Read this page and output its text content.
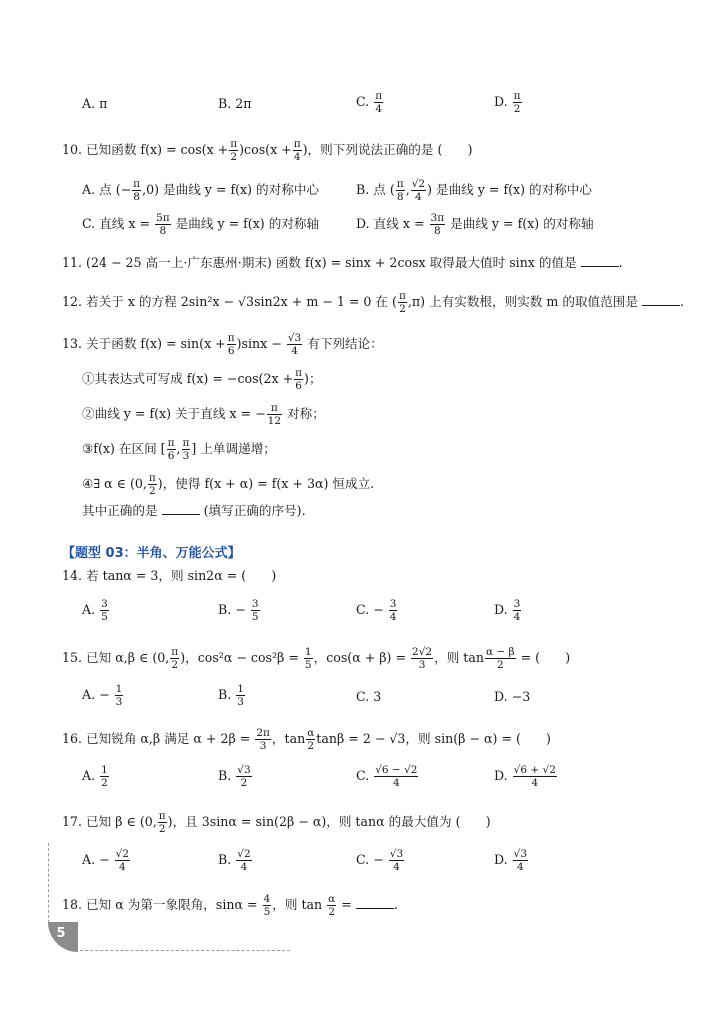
A. π	B. 2π	C. $\frac{\pi}{4}$	D. $\frac{\pi}{2}$
10. 已知函数 $f(x) = \cos(x + \frac{\pi}{2} )\cos(x + \frac{\pi}{4}$ )，则下列说法正确的是 (　　)
A. 点 (− $\frac{\pi}{8} ,0$) 是曲线 y = f(x) 的对称中心	B. 点 ( $\frac{\pi}{8}$ , $\frac{√2}{4}$ ) 是曲线 y = f(x) 的对称中心
C. 直线 $x = \frac{5\pi}{8}$ 是曲线 y = f(x) 的对称轴	D. 直线 $x = \frac{3\pi}{8}$ 是曲线 y = f(x) 的对称轴
11. (24 − 25 高一上·广东惠州·期末) 函数 f(x) = sinx + 2cosx 取得最大值时 sinx 的值是	.
12. 若关于 x 的方程 2sin²x − √3sin2x + m − 1 = 0 在 ( $\frac{\pi}{2} ,\pi$) 上有实数根，则实数 m 的取值范围是	.
13. 关于函数 $f(x) = \sin(x + \frac{\pi}{6} )\sin x - \frac{√3}{4}$ 有下列结论：
①其表达式可写成 $f(x) = -\cos(2x + \frac{\pi}{6}$ )；
②曲线 y = f(x) 关于直线 x = − $\frac{\pi}{12}$ 对称；
③f(x) 在区间 [ $\frac{\pi}{6}$ , $\frac{\pi}{3}$ ] 上单调递增；
④∃ α ∈ (0, $\frac{\pi}{2}$ )，使得 f(x + α) = f(x + 3α) 恒成立.
其中正确的是	(填写正确的序号).
【题型 03：半角、万能公式】
14. 若 tanα = 3，则 sin2α = (　　)
A. $\frac{3}{5}$	B. − $\frac{3}{5}$	C. − $\frac{3}{4}$	D. $\frac{3}{4}$
15. 已知 α,β ∈ (0, $\frac{\pi}{2}$ )，$\cos^2\alpha - \cos^2\beta = \frac{1}{5}$ ，$\cos(\alpha + \beta) = \frac{2√2}{3}$ ，则 $\tan \frac{\alpha - \beta}{2}$ = (　　)
A. − $\frac{1}{3}$	B. $\frac{1}{3}$	C. 3	D. −3
16. 已知锐角 α,β 满足 $\alpha + 2\beta = \frac{2\pi}{3}$ ，$\tan \frac{\alpha}{2}$ tanβ = 2 − √3，则 sin(β − α) = (　　)
A. $\frac{1}{2}$	B. $\frac{√3}{2}$	C. $\frac{√6 - √2}{4}$	D. $\frac{√6 + √2}{4}$
17. 已知 β ∈ (0, $\frac{\pi}{2}$ )，且 3sinα = sin(2β − α)，则 tanα 的最大值为 (　　)
A. − $\frac{√2}{4}$	B. $\frac{√2}{4}$	C. − $\frac{√3}{4}$	D. $\frac{√3}{4}$
18. 已知 α 为第一象限角，$\sin\alpha = \frac{4}{5}$ ，则 $\tan \frac{\alpha}{2}$ =	.
5
